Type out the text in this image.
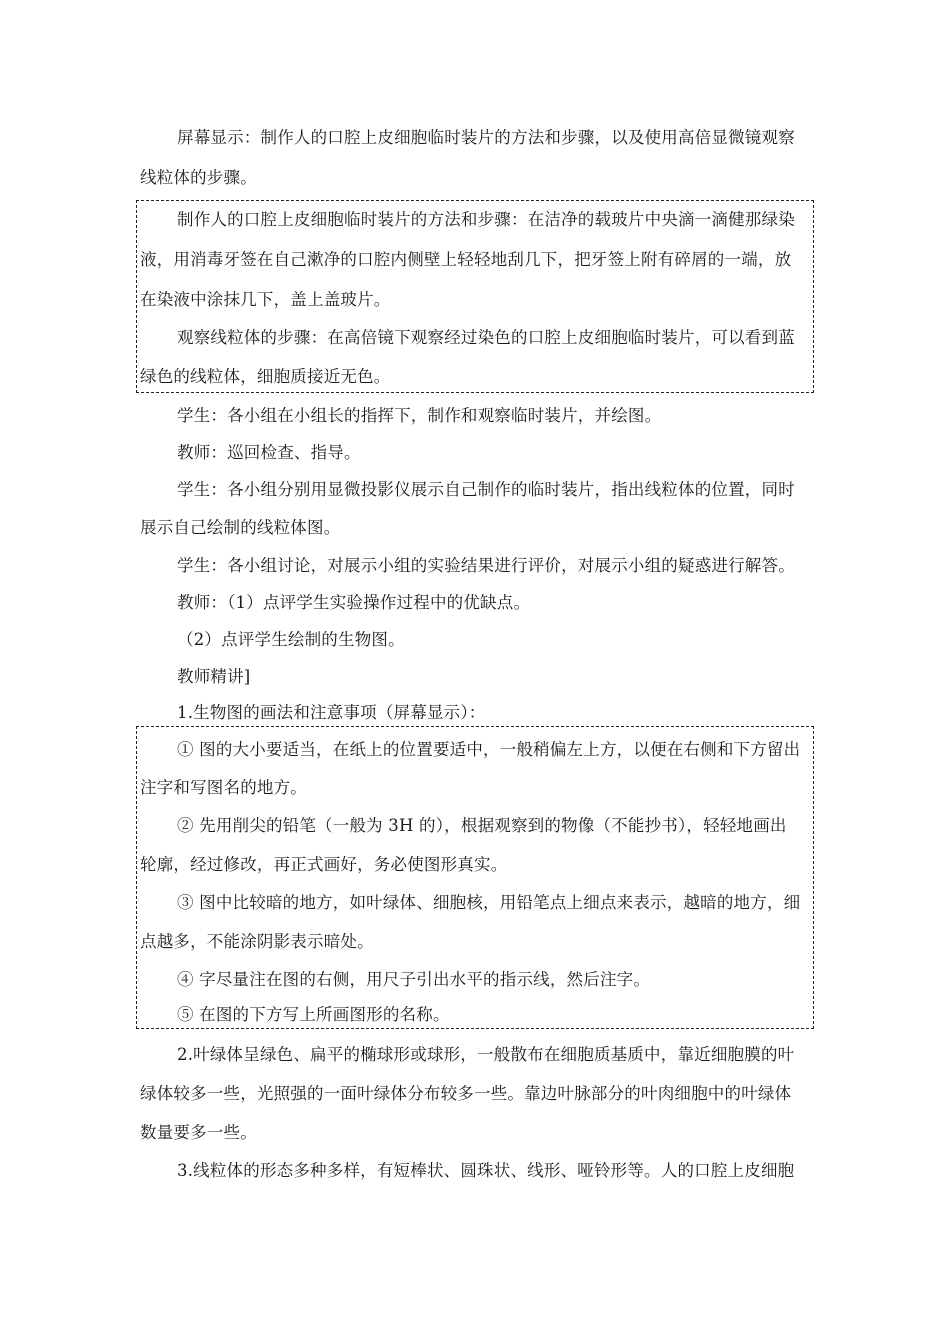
屏幕显示：制作人的口腔上皮细胞临时装片的方法和步骤，以及使用高倍显微镜观察
线粒体的步骤。
制作人的口腔上皮细胞临时装片的方法和步骤：在洁净的载玻片中央滴一滴健那绿染
液，用消毒牙签在自己漱净的口腔内侧壁上轻轻地刮几下，把牙签上附有碎屑的一端，放
在染液中涂抹几下，盖上盖玻片。
观察线粒体的步骤：在高倍镜下观察经过染色的口腔上皮细胞临时装片，可以看到蓝
绿色的线粒体，细胞质接近无色。
学生：各小组在小组长的指挥下，制作和观察临时装片，并绘图。
教师：巡回检查、指导。
学生：各小组分别用显微投影仪展示自己制作的临时装片，指出线粒体的位置，同时
展示自己绘制的线粒体图。
学生：各小组讨论，对展示小组的实验结果进行评价，对展示小组的疑惑进行解答。
教师：（1）点评学生实验操作过程中的优缺点。
（2）点评学生绘制的生物图。
教师精讲]
1.生物图的画法和注意事项（屏幕显示）：
① 图的大小要适当，在纸上的位置要适中，一般稍偏左上方，以便在右侧和下方留出
注字和写图名的地方。
② 先用削尖的铅笔（一般为 3H 的），根据观察到的物像（不能抄书），轻轻地画出
轮廓，经过修改，再正式画好，务必使图形真实。
③ 图中比较暗的地方，如叶绿体、细胞核，用铅笔点上细点来表示，越暗的地方，细
点越多，不能涂阴影表示暗处。
④ 字尽量注在图的右侧，用尺子引出水平的指示线，然后注字。
⑤ 在图的下方写上所画图形的名称。
2.叶绿体呈绿色、扁平的椭球形或球形，一般散布在细胞质基质中，靠近细胞膜的叶
绿体较多一些，光照强的一面叶绿体分布较多一些。靠边叶脉部分的叶肉细胞中的叶绿体
数量要多一些。
3.线粒体的形态多种多样，有短棒状、圆珠状、线形、哑铃形等。人的口腔上皮细胞
